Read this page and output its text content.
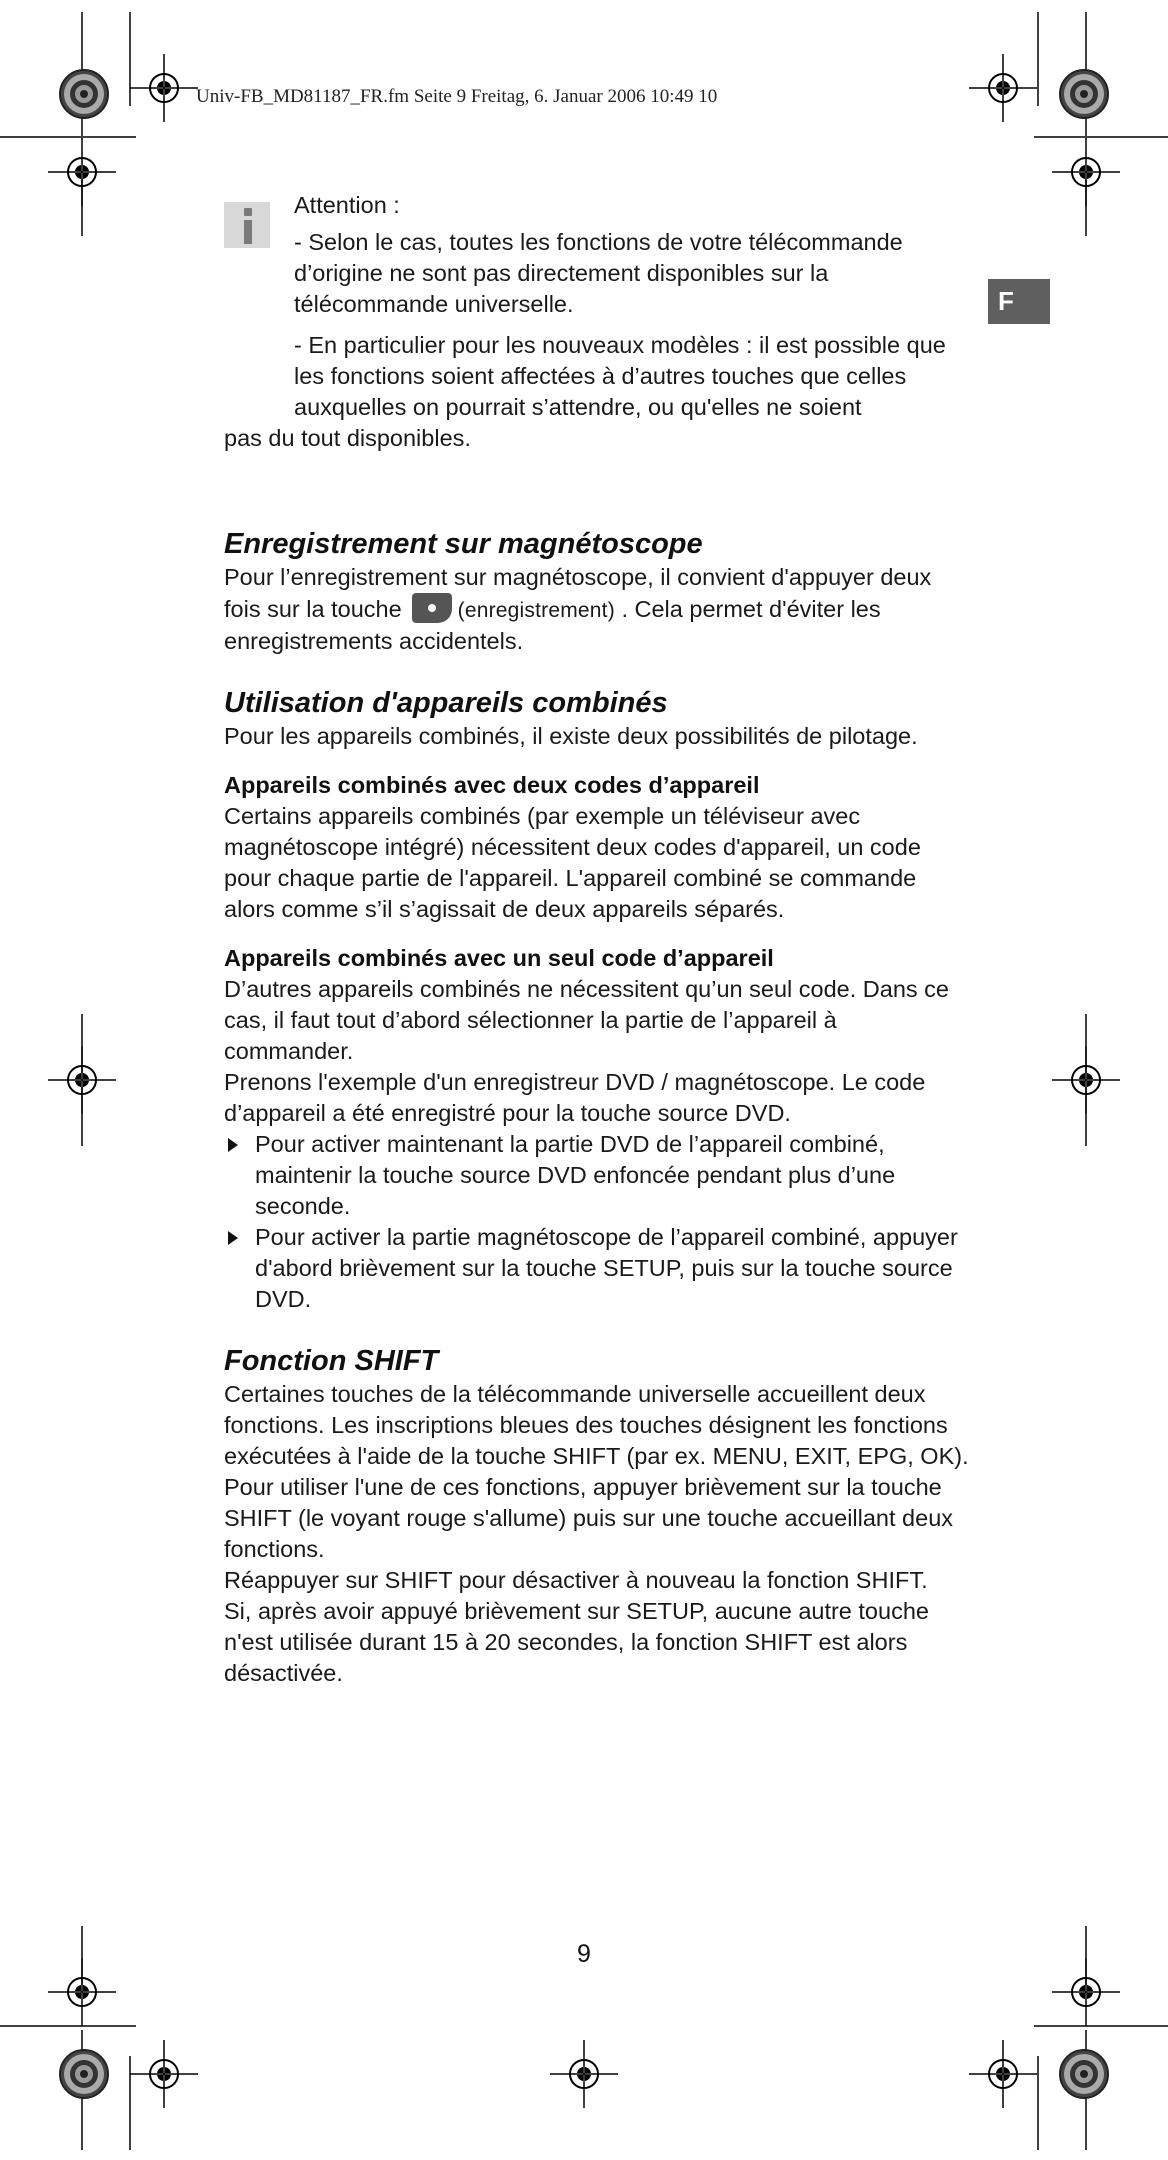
Univ-FB_MD81187_FR.fm Seite 9 Freitag, 6. Januar 2006 10:49 10
F

Attention :

- Selon le cas, toutes les fonctions de votre télécommande d’origine ne sont pas directement disponibles sur la télécommande universelle.

- En particulier pour les nouveaux modèles : il est possible que les fonctions soient affectées à d’autres touches que celles auxquelles on pourrait s’attendre, ou qu'elles ne soient

pas du tout disponibles.

Enregistrement sur magnétoscope

Pour l’enregistrement sur magnétoscope, il convient d'appuyer deux fois sur la touche	(enregistrement) . Cela permet d'éviter les enregistrements accidentels.

Utilisation d'appareils combinés

Pour les appareils combinés, il existe deux possibilités de pilotage.

Appareils combinés avec deux codes d’appareil

Certains appareils combinés (par exemple un téléviseur avec magnétoscope intégré) nécessitent deux codes d'appareil, un code pour chaque partie de l'appareil. L'appareil combiné se commande alors comme s’il s’agissait de deux appareils séparés.

Appareils combinés avec un seul code d’appareil

D’autres appareils combinés ne nécessitent qu’un seul code. Dans ce cas, il faut tout d’abord sélectionner la partie de l’appareil à commander.

Prenons l'exemple d'un enregistreur DVD / magnétoscope. Le code d’appareil a été enregistré pour la touche source DVD.

Pour activer maintenant la partie DVD de l’appareil combiné, maintenir la touche source DVD enfoncée pendant plus d’une seconde.

Pour activer la partie magnétoscope de l’appareil combiné, appuyer d'abord brièvement sur la touche SETUP, puis sur la touche source DVD.

Fonction SHIFT

Certaines touches de la télécommande universelle accueillent deux fonctions. Les inscriptions bleues des touches désignent les fonctions exécutées à l'aide de la touche SHIFT (par ex. MENU, EXIT, EPG, OK).

Pour utiliser l'une de ces fonctions, appuyer brièvement sur la touche SHIFT (le voyant rouge s'allume) puis sur une touche accueillant deux fonctions.

Réappuyer sur SHIFT pour désactiver à nouveau la fonction SHIFT.

Si, après avoir appuyé brièvement sur SETUP, aucune autre touche n'est utilisée durant 15 à 20 secondes, la fonction SHIFT est alors désactivée.

9
